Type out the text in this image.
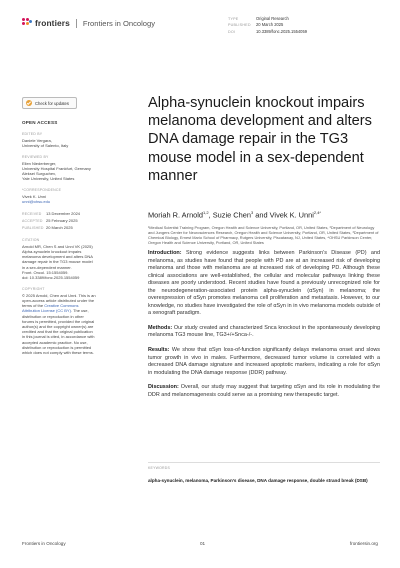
frontiers Frontiers in Oncology	TYPE	Original Research
PUBLISHED 20 March 2025
DOI	10.3389/fonc.2025.1554059
Check for updates
OPEN ACCESS
EDITED BY
Daniele Vergara,
University of Salento, Italy
REVIEWED BY
Ellen Niederberger,
University Hospital Frankfurt, Germany
Aleksei Surguchev,
Yale University, United States
*CORRESPONDENCE
Vivek K. Unni
unni@ohsu.edu
RECEIVED 13 December 2024
ACCEPTED 25 February 2025
PUBLISHED 20 March 2025
CITATION
Arnold MR, Chen S and Unni VK (2025) Alpha-synuclein knockout impairs melanoma development and alters DNA damage repair in the TG3 mouse model in a sex-dependent manner.
Front. Oncol. 15:1554059.
doi: 10.3389/fonc.2025.1554059
COPYRIGHT
© 2025 Arnold, Chen and Unni. This is an open-access article distributed under the terms of the Creative Commons Attribution License (CC BY). The use, distribution or reproduction in other forums is permitted, provided the original author(s) and the copyright owner(s) are credited and that the original publication in this journal is cited, in accordance with accepted academic practice. No use, distribution or reproduction is permitted which does not comply with these terms.
Alpha-synuclein knockout impairs melanoma development and alters DNA damage repair in the TG3 mouse model in a sex-dependent manner
Moriah R. Arnold$^{1,2}$, Suzie Chen$^3$ and Vivek K. Unni$^{2,4*}$
¹Medical Scientist Training Program, Oregon Health and Science University, Portland, OR, United States, ²Department of Neurology and Jungers Center for Neurosciences Research, Oregon Health and Science University, Portland, OR, United States, ³Department of Chemical Biology, Ernest Mario School of Pharmacy, Rutgers University, Piscataway, NJ, United States, ⁴OHSU Parkinson Center, Oregon Health and Science University, Portland, OR, United States

Introduction: Strong evidence suggests links between Parkinson’s Disease (PD) and melanoma, as studies have found that people with PD are at an increased risk of developing melanoma and those with melanoma are at increased risk of developing PD. Although these clinical associations are well-established, the cellular and molecular pathways linking these diseases are poorly understood. Recent studies have found a previously unrecognized role for the neurodegeneration-associated protein alpha-synuclein (αSyn) in melanoma; the overexpression of αSyn promotes melanoma cell proliferation and metastasis. However, to our knowledge, no studies have investigated the role of αSyn in in vivo melanoma models outside of a xenograft paradigm.

Methods: Our study created and characterized Snca knockout in the spontaneously developing melanoma TG3 mouse line, TG3+/+Snca-/-.

Results: We show that αSyn loss-of-function significantly delays melanoma onset and slows tumor growth in vivo in males. Furthermore, decreased tumor volume is correlated with a decreased DNA damage signature and increased apoptotic markers, indicating a role for αSyn in modulating the DNA damage response (DDR) pathway.

Discussion: Overall, our study may suggest that targeting αSyn and its role in modulating the DDR and melanomagenesis could serve as a promising new therapeutic target.

KEYWORDS
alpha-synuclein, melanoma, Parkinson’s disease, DNA damage response, double strand break (DSB)
Frontiers in Oncology	01	frontiersin.org
